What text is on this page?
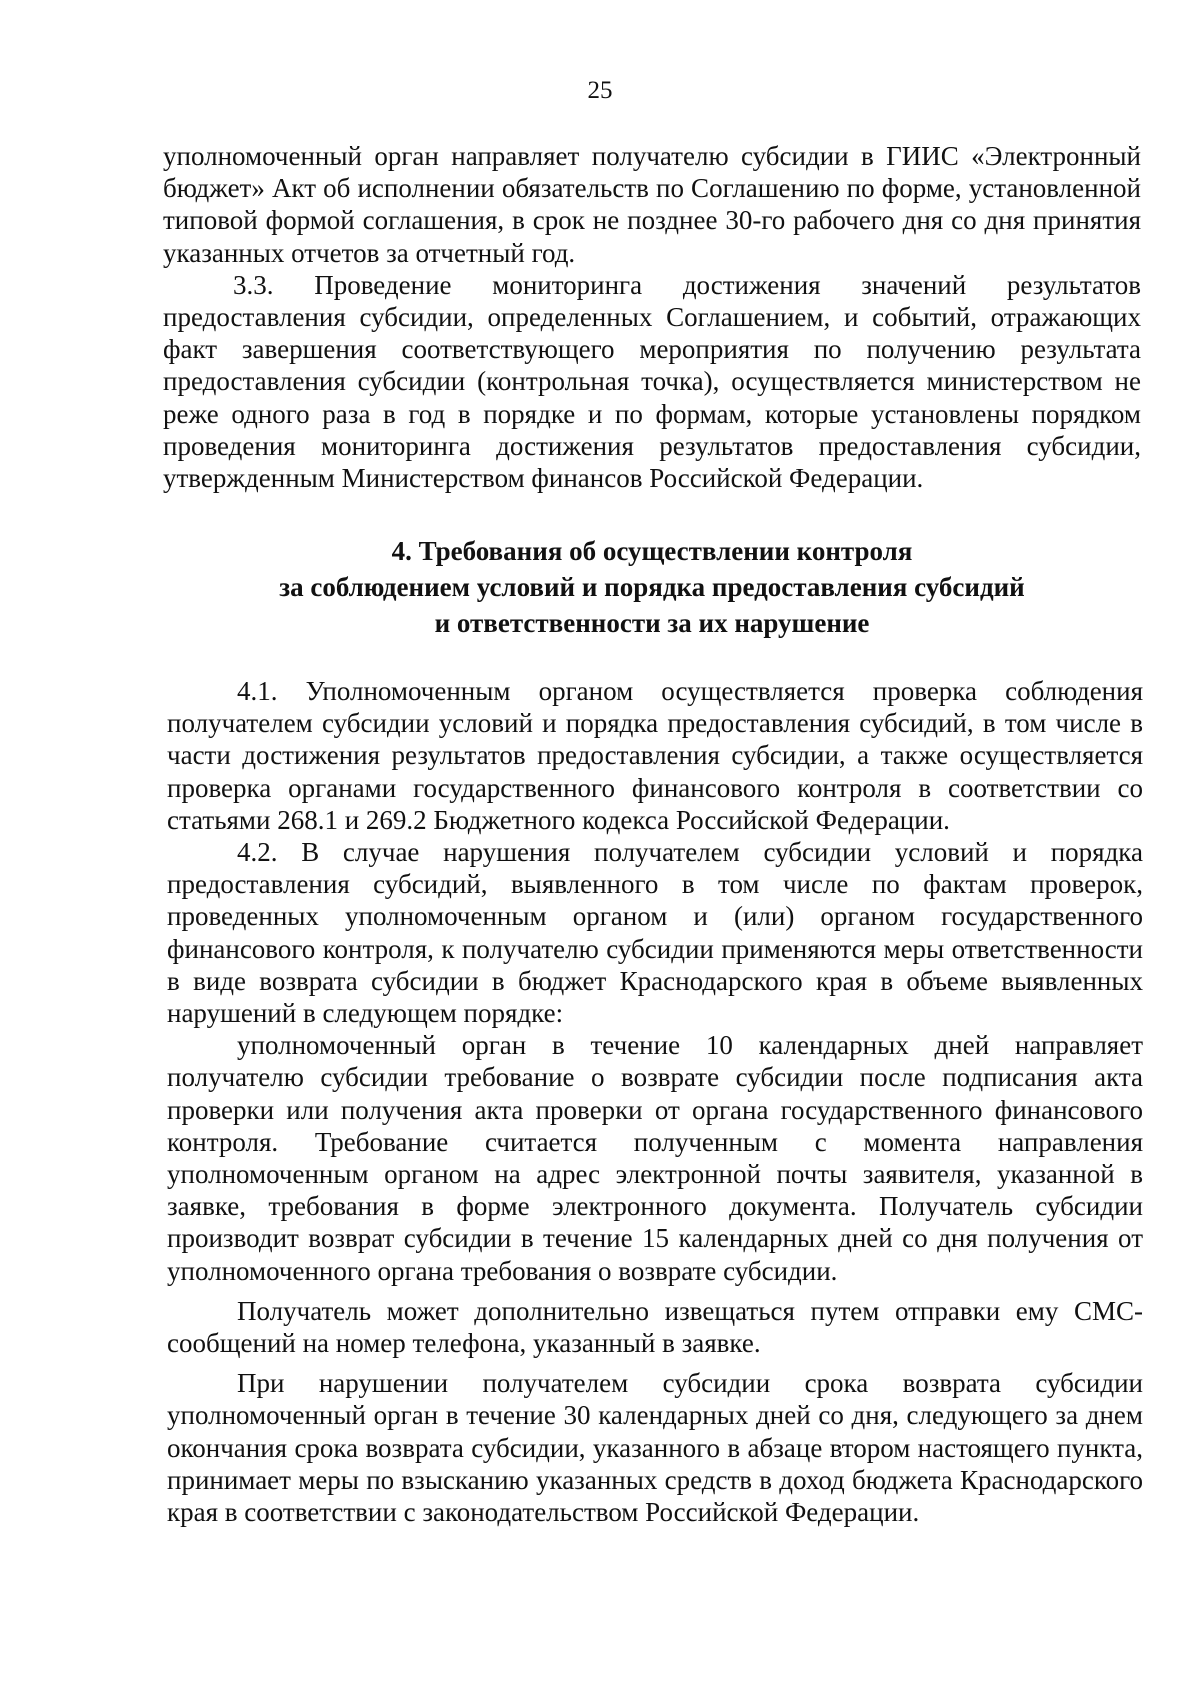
25

уполномоченный орган направляет получателю субсидии в ГИИС «Электронный бюджет» Акт об исполнении обязательств по Соглашению по форме, установленной типовой формой соглашения, в срок не позднее 30-го рабочего дня со дня принятия указанных отчетов за отчетный год.

3.3. Проведение мониторинга достижения значений результатов предоставления субсидии, определенных Соглашением, и событий, отражающих факт завершения соответствующего мероприятия по получению результата предоставления субсидии (контрольная точка), осуществляется министерством не реже одного раза в год в порядке и по формам, которые установлены порядком проведения мониторинга достижения результатов предоставления субсидии, утвержденным Министерством финансов Российской Федерации.

4. Требования об осуществлении контроля
за соблюдением условий и порядка предоставления субсидий
и ответственности за их нарушение

4.1. Уполномоченным органом осуществляется проверка соблюдения получателем субсидии условий и порядка предоставления субсидий, в том числе в части достижения результатов предоставления субсидии, а также осуществляется проверка органами государственного финансового контроля в соответствии со статьями 268.1 и 269.2 Бюджетного кодекса Российской Федерации.

4.2. В случае нарушения получателем субсидии условий и порядка предоставления субсидий, выявленного в том числе по фактам проверок, проведенных уполномоченным органом и (или) органом государственного финансового контроля, к получателю субсидии применяются меры ответственности в виде возврата субсидии в бюджет Краснодарского края в объеме выявленных нарушений в следующем порядке:

уполномоченный орган в течение 10 календарных дней направляет получателю субсидии требование о возврате субсидии после подписания акта проверки или получения акта проверки от органа государственного финансового контроля. Требование считается полученным с момента направления уполномоченным органом на адрес электронной почты заявителя, указанной в заявке, требования в форме электронного документа. Получатель субсидии производит возврат субсидии в течение 15 календарных дней со дня получения от уполномоченного органа требования о возврате субсидии.

Получатель может дополнительно извещаться путем отправки ему СМС-сообщений на номер телефона, указанный в заявке.

При нарушении получателем субсидии срока возврата субсидии уполномоченный орган в течение 30 календарных дней со дня, следующего за днем окончания срока возврата субсидии, указанного в абзаце втором настоящего пункта, принимает меры по взысканию указанных средств в доход бюджета Краснодарского края в соответствии с законодательством Российской Федерации.
